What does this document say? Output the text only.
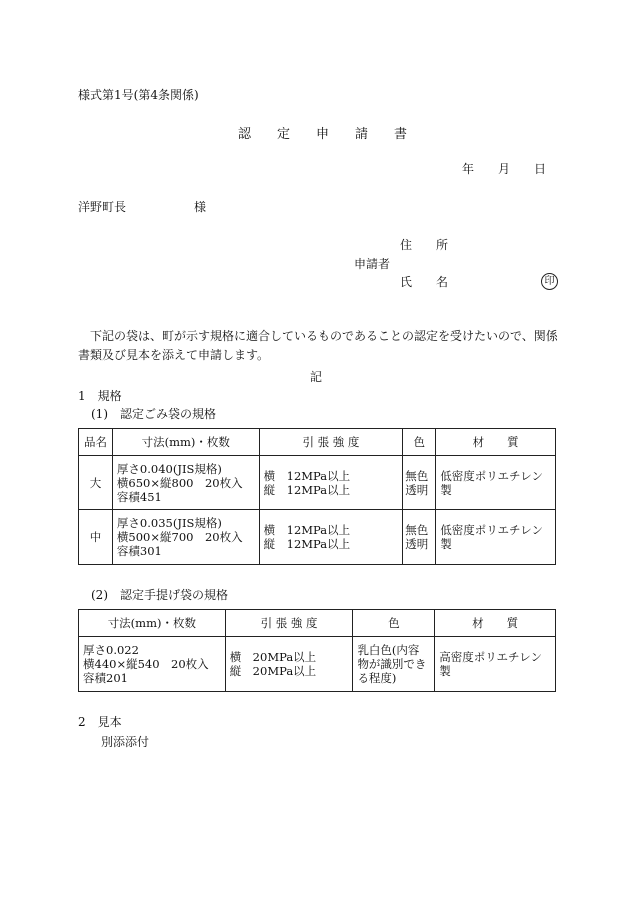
様式第1号(第4条関係)
認　　定　　申　　請　　書
年　　月　　日
洋野町長	様
住　　所
申請者
氏　　名	印
　下記の袋は、町が示す規格に適合しているものであることの認定を受けたいので、関係書類及び見本を添えて申請します。
記
1　規格
(1)　認定ごみ袋の規格
品名	寸法(mm)・枚数	引 張 強 度	色	材　　質
大	厚さ0.040(JIS規格)
横650×縦800　20枚入
容積451	横　12MPa以上
縦　12MPa以上	無色
透明	低密度ポリエチレン
製
中	厚さ0.035(JIS規格)
横500×縦700　20枚入
容積301	横　12MPa以上
縦　12MPa以上	無色
透明	低密度ポリエチレン
製
(2)　認定手提げ袋の規格
寸法(mm)・枚数	引 張 強 度	色	材　　質
厚さ0.022
横440×縦540　20枚入
容積201	横　20MPa以上
縦　20MPa以上	乳白色(内容
物が識別でき
る程度)	高密度ポリエチレン
製
2　見本
別添添付
